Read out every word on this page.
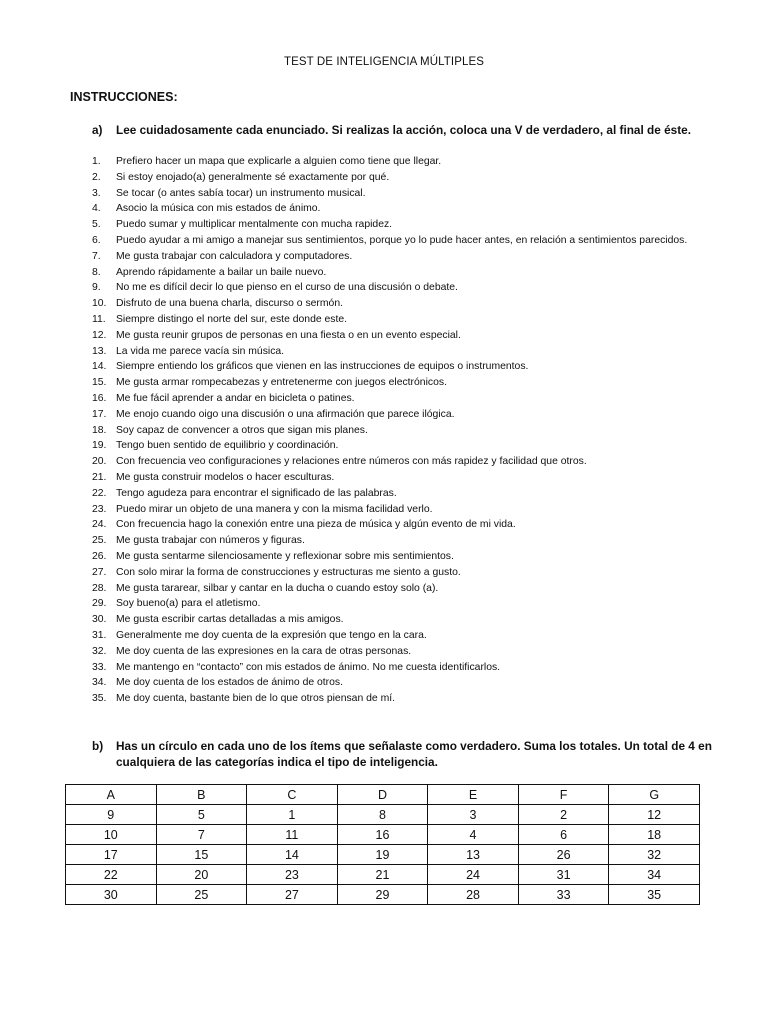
TEST DE INTELIGENCIA MÚLTIPLES
INSTRUCCIONES:
a) Lee cuidadosamente cada enunciado. Si realizas la acción, coloca una V de verdadero, al final de éste.
1. Prefiero hacer un mapa que explicarle a alguien como tiene que llegar.
2. Si estoy enojado(a) generalmente sé exactamente por qué.
3. Se tocar (o antes sabía tocar) un instrumento musical.
4. Asocio la música con mis estados de ánimo.
5. Puedo sumar y multiplicar mentalmente con mucha rapidez.
6. Puedo ayudar a mi amigo a manejar sus sentimientos, porque yo lo pude hacer antes, en relación a sentimientos parecidos.
7. Me gusta trabajar con calculadora y computadores.
8. Aprendo rápidamente a bailar un baile nuevo.
9. No me es difícil decir lo que pienso en el curso de una discusión o debate.
10. Disfruto de una buena charla, discurso o sermón.
11. Siempre distingo el norte del sur, este donde este.
12. Me gusta reunir grupos de personas en una fiesta o en un evento especial.
13. La vida me parece vacía sin música.
14. Siempre entiendo los gráficos que vienen en las instrucciones de equipos o instrumentos.
15. Me gusta armar rompecabezas y entretenerme con juegos electrónicos.
16. Me fue fácil aprender a andar en bicicleta o patines.
17. Me enojo cuando oigo una discusión o una afirmación que parece ilógica.
18. Soy capaz de convencer a otros que sigan mis planes.
19. Tengo buen sentido de equilibrio y coordinación.
20. Con frecuencia veo configuraciones y relaciones entre números con más rapidez y facilidad que otros.
21. Me gusta construir modelos o hacer esculturas.
22. Tengo agudeza para encontrar el significado de las palabras.
23. Puedo mirar un objeto de una manera y con la misma facilidad verlo.
24. Con frecuencia hago la conexión entre una pieza de música y algún evento de mi vida.
25. Me gusta trabajar con números y figuras.
26. Me gusta sentarme silenciosamente y reflexionar sobre mis sentimientos.
27. Con solo mirar la forma de construcciones y estructuras me siento a gusto.
28. Me gusta tararear, silbar y cantar en la ducha o cuando estoy solo (a).
29. Soy bueno(a) para el atletismo.
30. Me gusta escribir cartas detalladas a mis amigos.
31. Generalmente me doy cuenta de la expresión que tengo en la cara.
32. Me doy cuenta de las expresiones en la cara de otras personas.
33. Me mantengo en “contacto” con mis estados de ánimo. No me cuesta identificarlos.
34. Me doy cuenta de los estados de ánimo de otros.
35. Me doy cuenta, bastante bien de lo que otros piensan de mí.
b)	Has un círculo en cada uno de los ítems que señalaste como verdadero. Suma los totales. Un total de 4 en cualquiera de las categorías indica el tipo de inteligencia.
A	B	C	D	E	F	G
9	5	1	8	3	2	12
10	7	11	16	4	6	18
17	15	14	19	13	26	32
22	20	23	21	24	31	34
30	25	27	29	28	33	35
